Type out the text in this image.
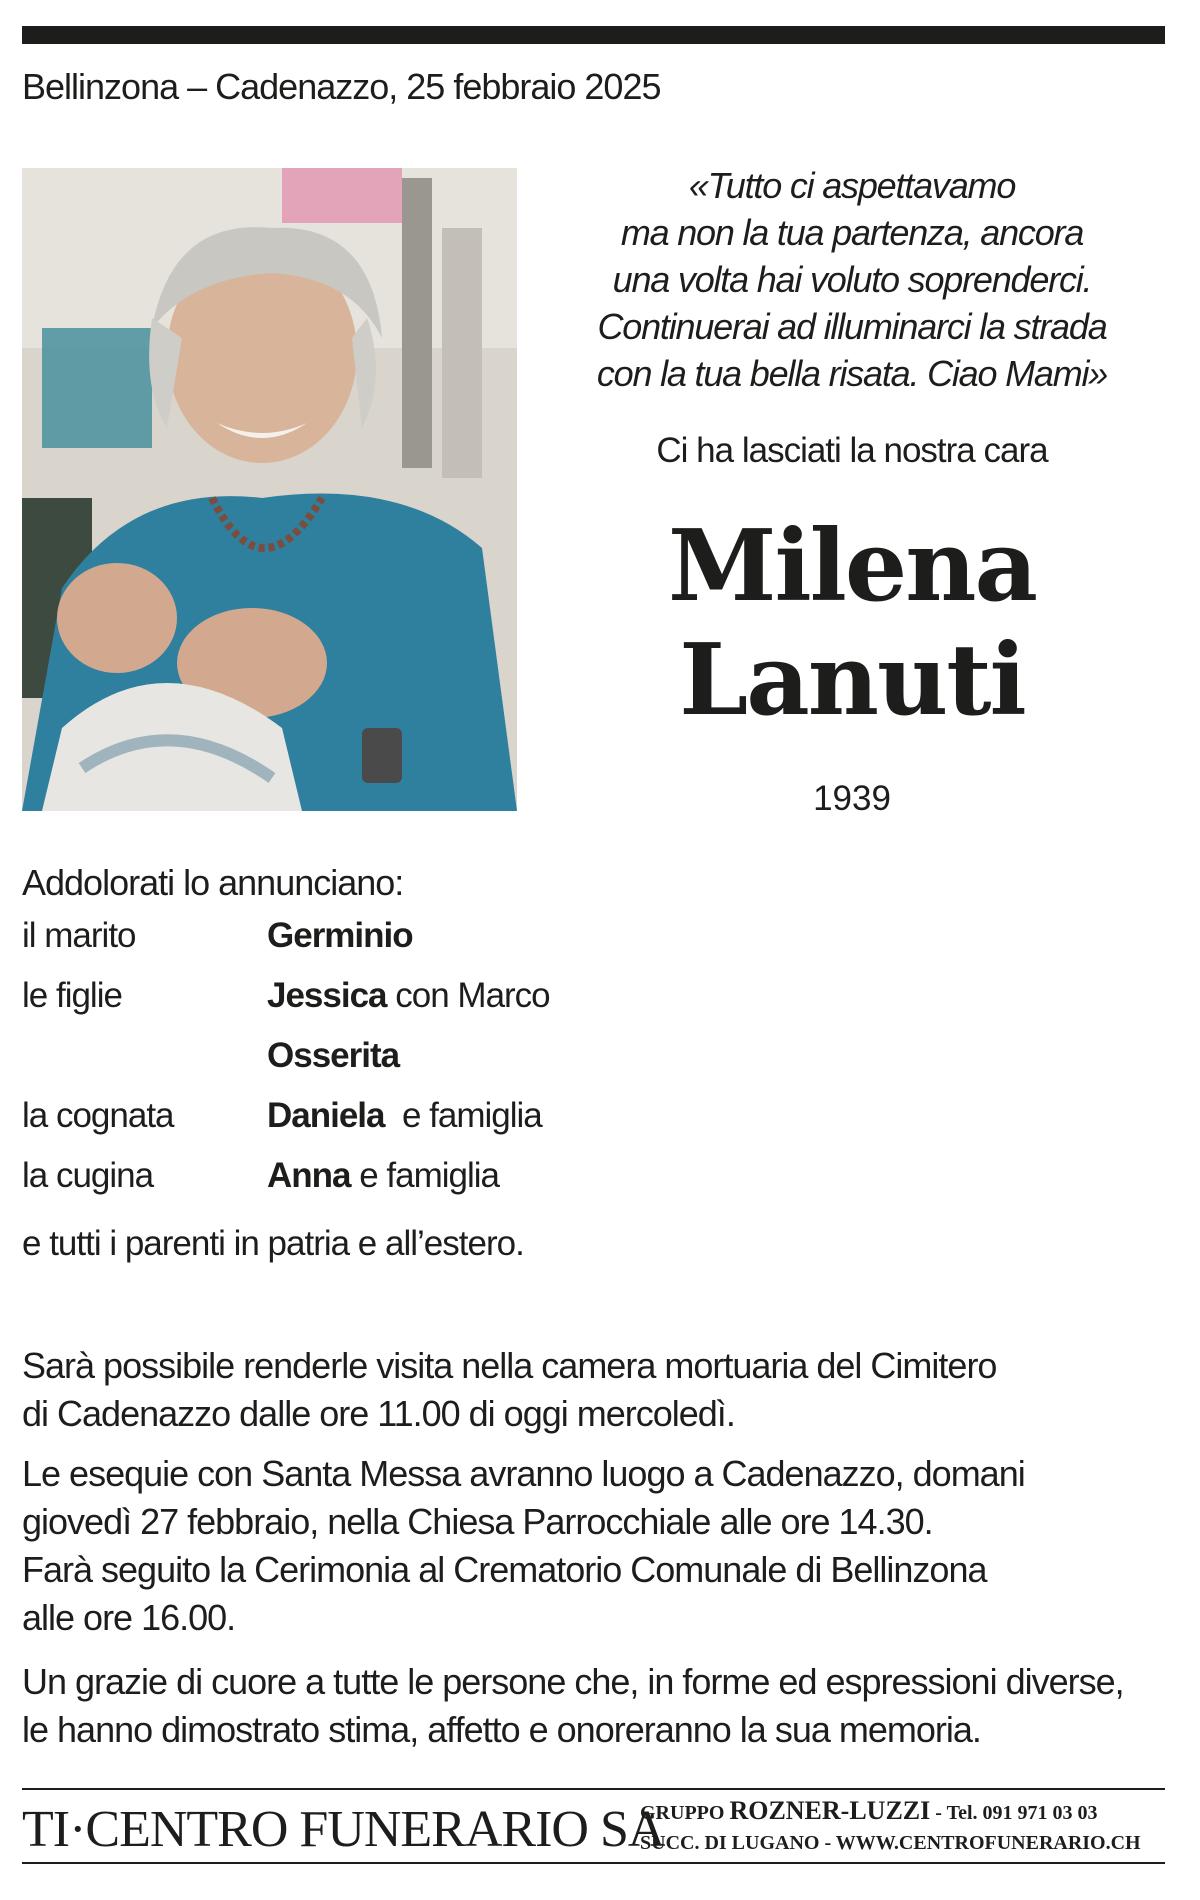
Bellinzona – Cadenazzo, 25 febbraio 2025
«Tutto ci aspettavamo
ma non la tua partenza, ancora
una volta hai voluto soprenderci.
Continuerai ad illuminarci la strada
con la tua bella risata. Ciao Mami»
Ci ha lasciati la nostra cara
Milena
Lanuti
1939
Addolorati lo annunciano:
il marito	Germinio
le figlie	Jessica con Marco
Osserita
la cognata	Daniela  e famiglia
la cugina	Anna e famiglia
e tutti i parenti in patria e all’estero.
Sarà possibile renderle visita nella camera mortuaria del Cimitero
di Cadenazzo dalle ore 11.00 di oggi mercoledì.
Le esequie con Santa Messa avranno luogo a Cadenazzo, domani
giovedì 27 febbraio, nella Chiesa Parrocchiale alle ore 14.30.
Farà seguito la Cerimonia al Crematorio Comunale di Bellinzona
alle ore 16.00.
Un grazie di cuore a tutte le persone che, in forme ed espressioni diverse,
le hanno dimostrato stima, affetto e onoreranno la sua memoria.
TI·CENTRO FUNERARIO SA
GRUPPO ROZNER-LUZZI - Tel. 091 971 03 03
SUCC. DI LUGANO - WWW.CENTROFUNERARIO.CH
